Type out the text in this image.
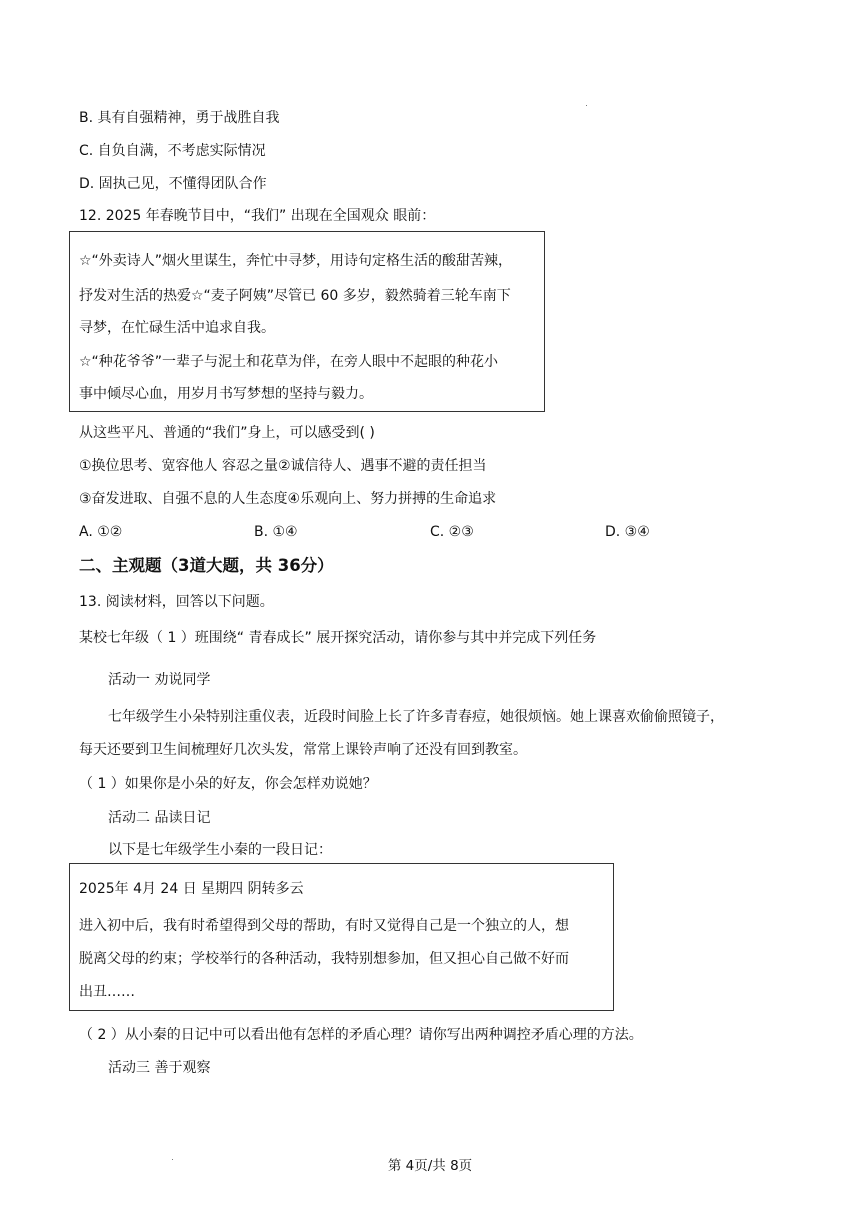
B. 具有自强精神，勇于战胜自我
C. 自负自满，不考虑实际情况
D. 固执己见，不懂得团队合作
12. 2025 年春晚节目中，“我们” 出现在全国观众 眼前：
☆“外卖诗人”烟火里谋生，奔忙中寻梦，用诗句定格生活的酸甜苦辣，
抒发对生活的热爱☆“麦子阿姨”尽管已 60 多岁，毅然骑着三轮车南下
寻梦，在忙碌生活中追求自我。
☆“种花爷爷”一辈子与泥土和花草为伴，在旁人眼中不起眼的种花小
事中倾尽心血，用岁月书写梦想的坚持与毅力。
从这些平凡、普通的“我们”身上，可以感受到( )
①换位思考、宽容他人 容忍之量②诚信待人、遇事不避的责任担当
③奋发进取、自强不息的人生态度④乐观向上、努力拼搏的生命追求
A. ①②	B. ①④	C. ②③	D. ③④
二、主观题（3道大题，共 36分）
13. 阅读材料，回答以下问题。
某校七年级（ 1 ）班围绕“ 青春成长” 展开探究活动，请你参与其中并完成下列任务
活动一 劝说同学
七年级学生小朵特别注重仪表，近段时间脸上长了许多青春痘，她很烦恼。她上课喜欢偷偷照镜子，
每天还要到卫生间梳理好几次头发，常常上课铃声响了还没有回到教室。
（ 1 ）如果你是小朵的好友，你会怎样劝说她？
活动二 品读日记
以下是七年级学生小秦的一段日记：
2025年 4月 24 日 星期四 阴转多云
进入初中后，我有时希望得到父母的帮助，有时又觉得自己是一个独立的人，想
脱离父母的约束；学校举行的各种活动，我特别想参加，但又担心自己做不好而
出丑……
（ 2 ）从小秦的日记中可以看出他有怎样的矛盾心理？请你写出两种调控矛盾心理的方法。
活动三 善于观察
第 4页/共 8页
